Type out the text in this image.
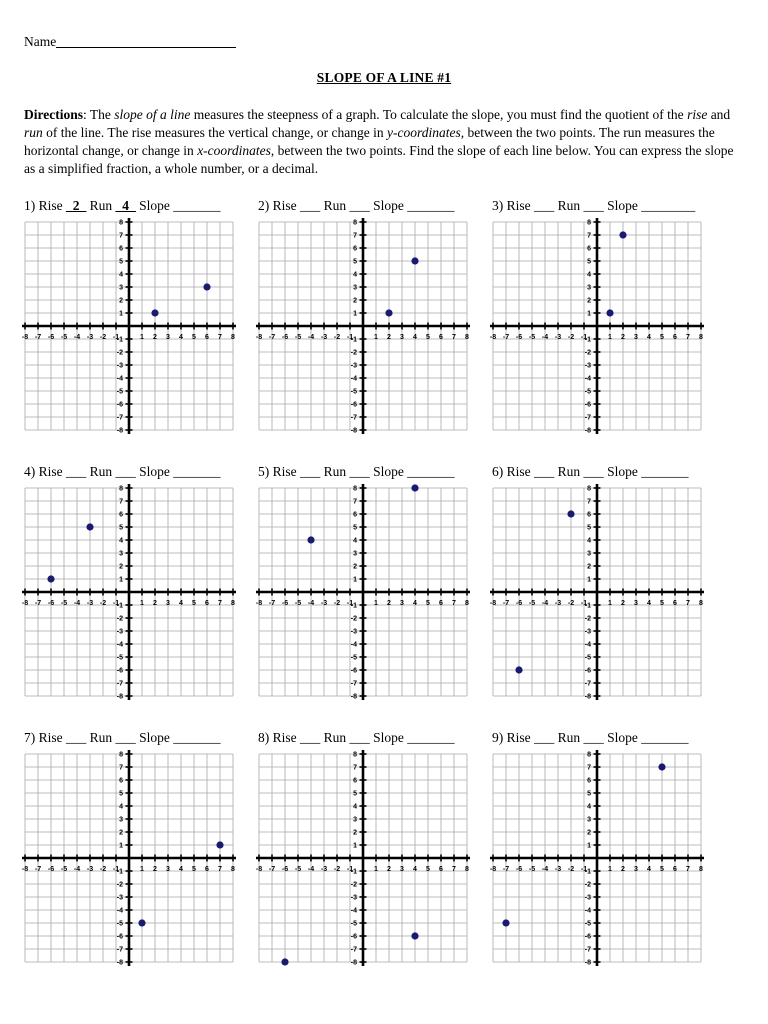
Name
SLOPE OF A LINE #1
Directions: The slope of a line measures the steepness of a graph. To calculate the slope, you must find the quotient of the rise and run of the line. The rise measures the vertical change, or change in y-coordinates, between the two points. The run measures the horizontal change, or change in x-coordinates, between the two points. Find the slope of each line below. You can express the slope as a simplified fraction, a whole number, or a decimal.
1) Rise _2_ Run _4_ Slope _______
-8 -7 -6 -5 -4 -3 -2 -1	1 2 3 4 5 6 7 8
8
7
6
5
4
3
2
1
-1
-2
-3
-4
-5
-6
-7
-8
2) Rise ___ Run ___ Slope _______
-8 -7 -6 -5 -4 -3 -2 -1	1 2 3 4 5 6 7 8
8
7
6
5
4
3
2
1
-1
-2
-3
-4
-5
-6
-7
-8
3) Rise ___ Run ___ Slope ________
-8 -7 -6 -5 -4 -3 -2 -1	1 2 3 4 5 6 7 8
8
7
6
5
4
3
2
1
-1
-2
-3
-4
-5
-6
-7
-8
4) Rise ___ Run ___ Slope _______
-8 -7 -6 -5 -4 -3 -2 -1	1 2 3 4 5 6 7 8
8
7
6
5
4
3
2
1
-1
-2
-3
-4
-5
-6
-7
-8
5) Rise ___ Run ___ Slope _______
-8 -7 -6 -5 -4 -3 -2 -1	1 2 3 4 5 6 7 8
8
7
6
5
4
3
2
1
-1
-2
-3
-4
-5
-6
-7
-8
6) Rise ___ Run ___ Slope _______
-8 -7 -6 -5 -4 -3 -2 -1	1 2 3 4 5 6 7 8
8
7
6
5
4
3
2
1
-1
-2
-3
-4
-5
-6
-7
-8
7) Rise ___ Run ___ Slope _______
-8 -7 -6 -5 -4 -3 -2 -1	1 2 3 4 5 6 7 8
8
7
6
5
4
3
2
1
-1
-2
-3
-4
-5
-6
-7
-8
8) Rise ___ Run ___ Slope _______
-8 -7 -6 -5 -4 -3 -2 -1	1 2 3 4 5 6 7 8
8
7
6
5
4
3
2
1
-1
-2
-3
-4
-5
-6
-7
-8
9) Rise ___ Run ___ Slope _______
-8 -7 -6 -5 -4 -3 -2 -1	1 2 3 4 5 6 7 8
8
7
6
5
4
3
2
1
-1
-2
-3
-4
-5
-6
-7
-8
